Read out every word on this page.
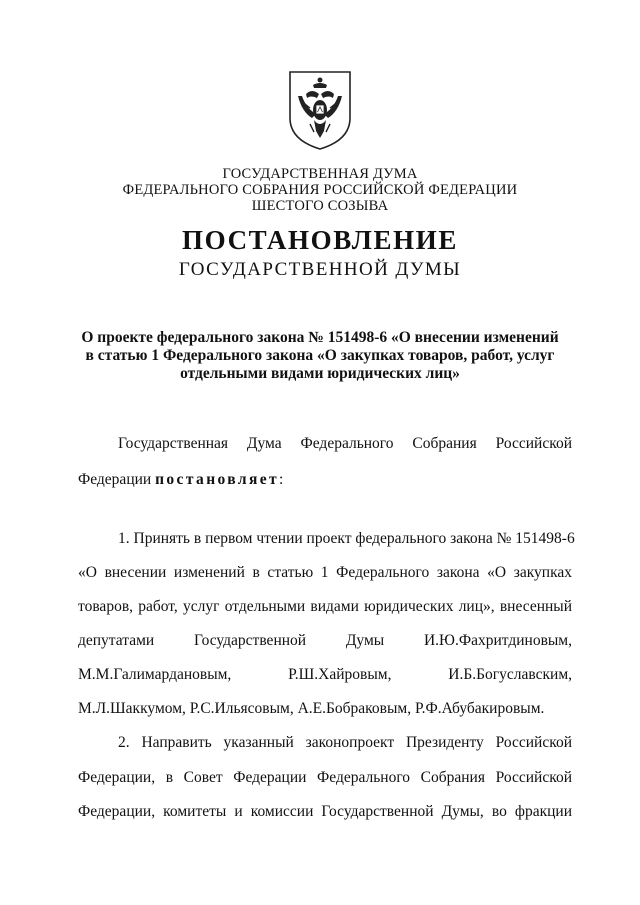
ГОСУДАРСТВЕННАЯ ДУМА
ФЕДЕРАЛЬНОГО СОБРАНИЯ РОССИЙСКОЙ ФЕДЕРАЦИИ
ШЕСТОГО СОЗЫВА
ПОСТАНОВЛЕНИЕ
ГОСУДАРСТВЕННОЙ ДУМЫ
О проекте федерального закона № 151498-6 «О внесении изменений
в статью 1 Федерального закона «О закупках товаров, работ, услуг
отдельными видами юридических лиц»
Государственная Дума Федерального Собрания Российской
Федерации постановляет:
1. Принять в первом чтении проект федерального закона № 151498-6
«О внесении изменений в статью 1 Федерального закона «О закупках
товаров, работ, услуг отдельными видами юридических лиц», внесенный
депутатами Государственной Думы И.Ю.Фахритдиновым,
М.М.Галимардановым, Р.Ш.Хайровым, И.Б.Богуславским,
М.Л.Шаккумом, Р.С.Ильясовым, А.Е.Бобраковым, Р.Ф.Абубакировым.
2. Направить указанный законопроект Президенту Российской
Федерации, в Совет Федерации Федерального Собрания Российской
Федерации, комитеты и комиссии Государственной Думы, во фракции
